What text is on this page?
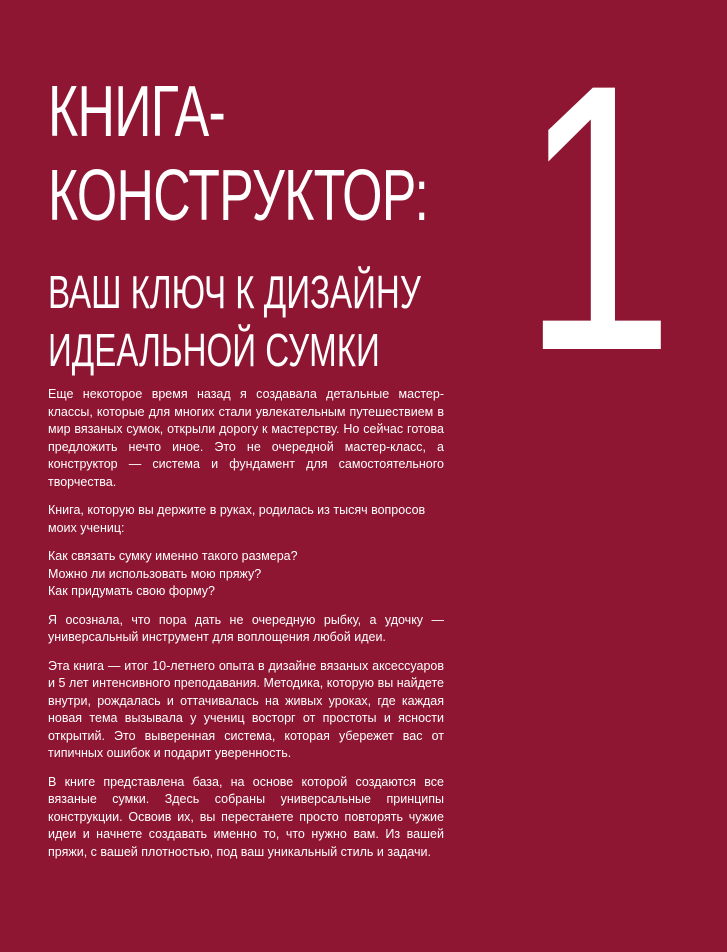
1
КНИГА-
КОНСТРУКТОР:
ВАШ КЛЮЧ К ДИЗАЙНУ
ИДЕАЛЬНОЙ СУМКИ

Еще некоторое время назад я создавала детальные мастер-классы, которые для многих стали увлекательным путешествием в мир вязаных сумок, открыли дорогу к мастерству. Но сейчас готова предложить нечто иное. Это не очередной мастер-класс, а конструктор — система и фундамент для самостоятельного творчества.

Книга, которую вы держите в руках, родилась из тысяч вопросов моих учениц:

Как связать сумку именно такого размера?
Можно ли использовать мою пряжу?
Как придумать свою форму?

Я осознала, что пора дать не очередную рыбку, а удочку — универсальный инструмент для воплощения любой идеи.

Эта книга — итог 10-летнего опыта в дизайне вязаных аксессуаров и 5 лет интенсивного преподавания. Методика, которую вы найдете внутри, рождалась и оттачивалась на живых уроках, где каждая новая тема вызывала у учениц восторг от простоты и ясности открытий. Это выверенная система, которая убережет вас от типичных ошибок и подарит уверенность.

В книге представлена база, на основе которой создаются все вязаные сумки. Здесь собраны универсальные принципы конструкции. Освоив их, вы перестанете просто повторять чужие идеи и начнете создавать именно то, что нужно вам. Из вашей пряжи, с вашей плотностью, под ваш уникальный стиль и задачи.
